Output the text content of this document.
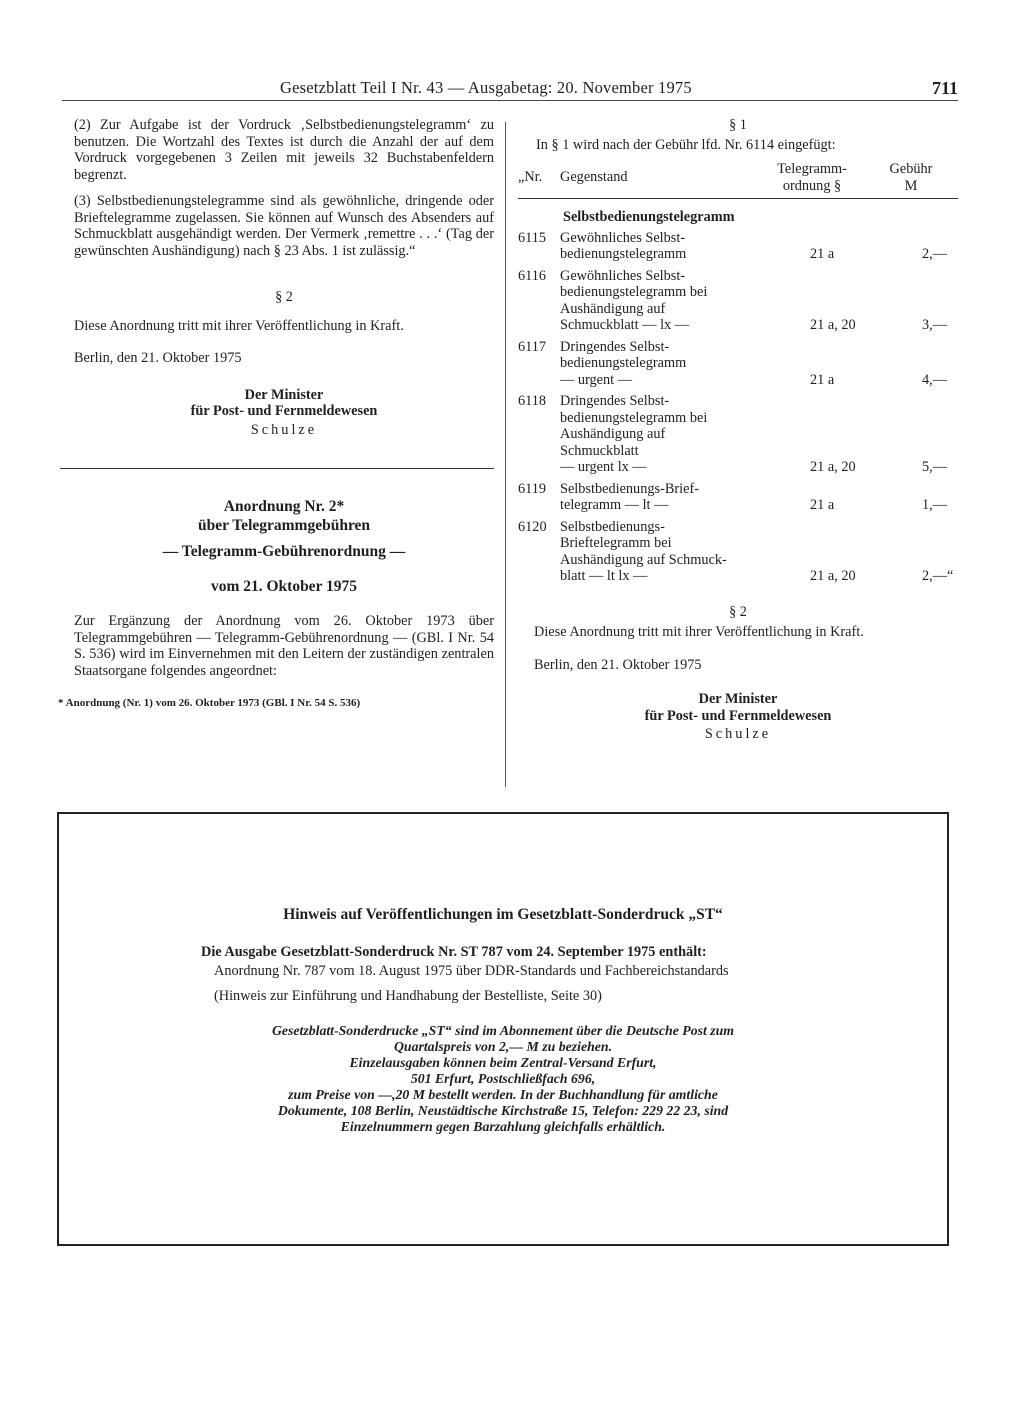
Gesetzblatt Teil I Nr. 43 — Ausgabetag: 20. November 1975	711

(2) Zur Aufgabe ist der Vordruck ‚Selbstbedienungstelegramm‘ zu benutzen. Die Wortzahl des Textes ist durch die Anzahl der auf dem Vordruck vorgegebenen 3 Zeilen mit jeweils 32 Buchstabenfeldern begrenzt.

(3) Selbstbedienungstelegramme sind als gewöhnliche, dringende oder Brieftelegramme zugelassen. Sie können auf Wunsch des Absenders auf Schmuckblatt ausgehändigt werden. Der Vermerk ‚remettre . . .‘ (Tag der gewünschten Aushändigung) nach § 23 Abs. 1 ist zulässig.“

§ 2

Diese Anordnung tritt mit ihrer Veröffentlichung in Kraft.

Berlin, den 21. Oktober 1975

Der Minister

für Post- und Fernmeldewesen

Schulze

Anordnung Nr. 2*

über Telegrammgebühren

— Telegramm-Gebührenordnung —

vom 21. Oktober 1975

Zur Ergänzung der Anordnung vom 26. Oktober 1973 über Telegrammgebühren — Telegramm-Gebührenordnung — (GBl. I Nr. 54 S. 536) wird im Einvernehmen mit den Leitern der zuständigen zentralen Staatsorgane folgendes angeordnet:

* Anordnung (Nr. 1) vom 26. Oktober 1973 (GBl. I Nr. 54 S. 536)

§ 1

In § 1 wird nach der Gebühr lfd. Nr. 6114 eingefügt:

„Nr.	Gegenstand	Telegramm-
ordnung §
Gebühr
M

Selbstbedienungstelegramm

6115	Gewöhnliches Selbst-
bedienungstelegramm	21 a	2,—
6116	Gewöhnliches Selbst-
bedienungstelegramm bei
Aushändigung auf
Schmuckblatt — lx —	21 a, 20	3,—
6117	Dringendes Selbst-
bedienungstelegramm
— urgent —	21 a	4,—
6118	Dringendes Selbst-
bedienungstelegramm bei
Aushändigung auf
Schmuckblatt
— urgent lx —	21 a, 20	5,—
6119	Selbstbedienungs-Brief-
telegramm — lt —	21 a	1,—
6120	Selbstbedienungs-
Brieftelegramm bei
Aushändigung auf Schmuck-
blatt — lt lx —	21 a, 20	2,—“

§ 2

Diese Anordnung tritt mit ihrer Veröffentlichung in Kraft.

Berlin, den 21. Oktober 1975

Der Minister

für Post- und Fernmeldewesen

Schulze

Hinweis auf Veröffentlichungen im Gesetzblatt-Sonderdruck „ST“

Die Ausgabe Gesetzblatt-Sonderdruck Nr. ST 787 vom 24. September 1975 enthält:

Anordnung Nr. 787 vom 18. August 1975 über DDR-Standards und Fachbereichstandards

(Hinweis zur Einführung und Handhabung der Bestelliste, Seite 30)

Gesetzblatt-Sonderdrucke „ST“ sind im Abonnement über die Deutsche Post zum
Quartalspreis von 2,— M zu beziehen.
Einzelausgaben können beim Zentral-Versand Erfurt,
501 Erfurt, Postschließfach 696,
zum Preise von —,20 M bestellt werden. In der Buchhandlung für amtliche
Dokumente, 108 Berlin, Neustädtische Kirchstraße 15, Telefon: 229 22 23, sind
Einzelnummern gegen Barzahlung gleichfalls erhältlich.
